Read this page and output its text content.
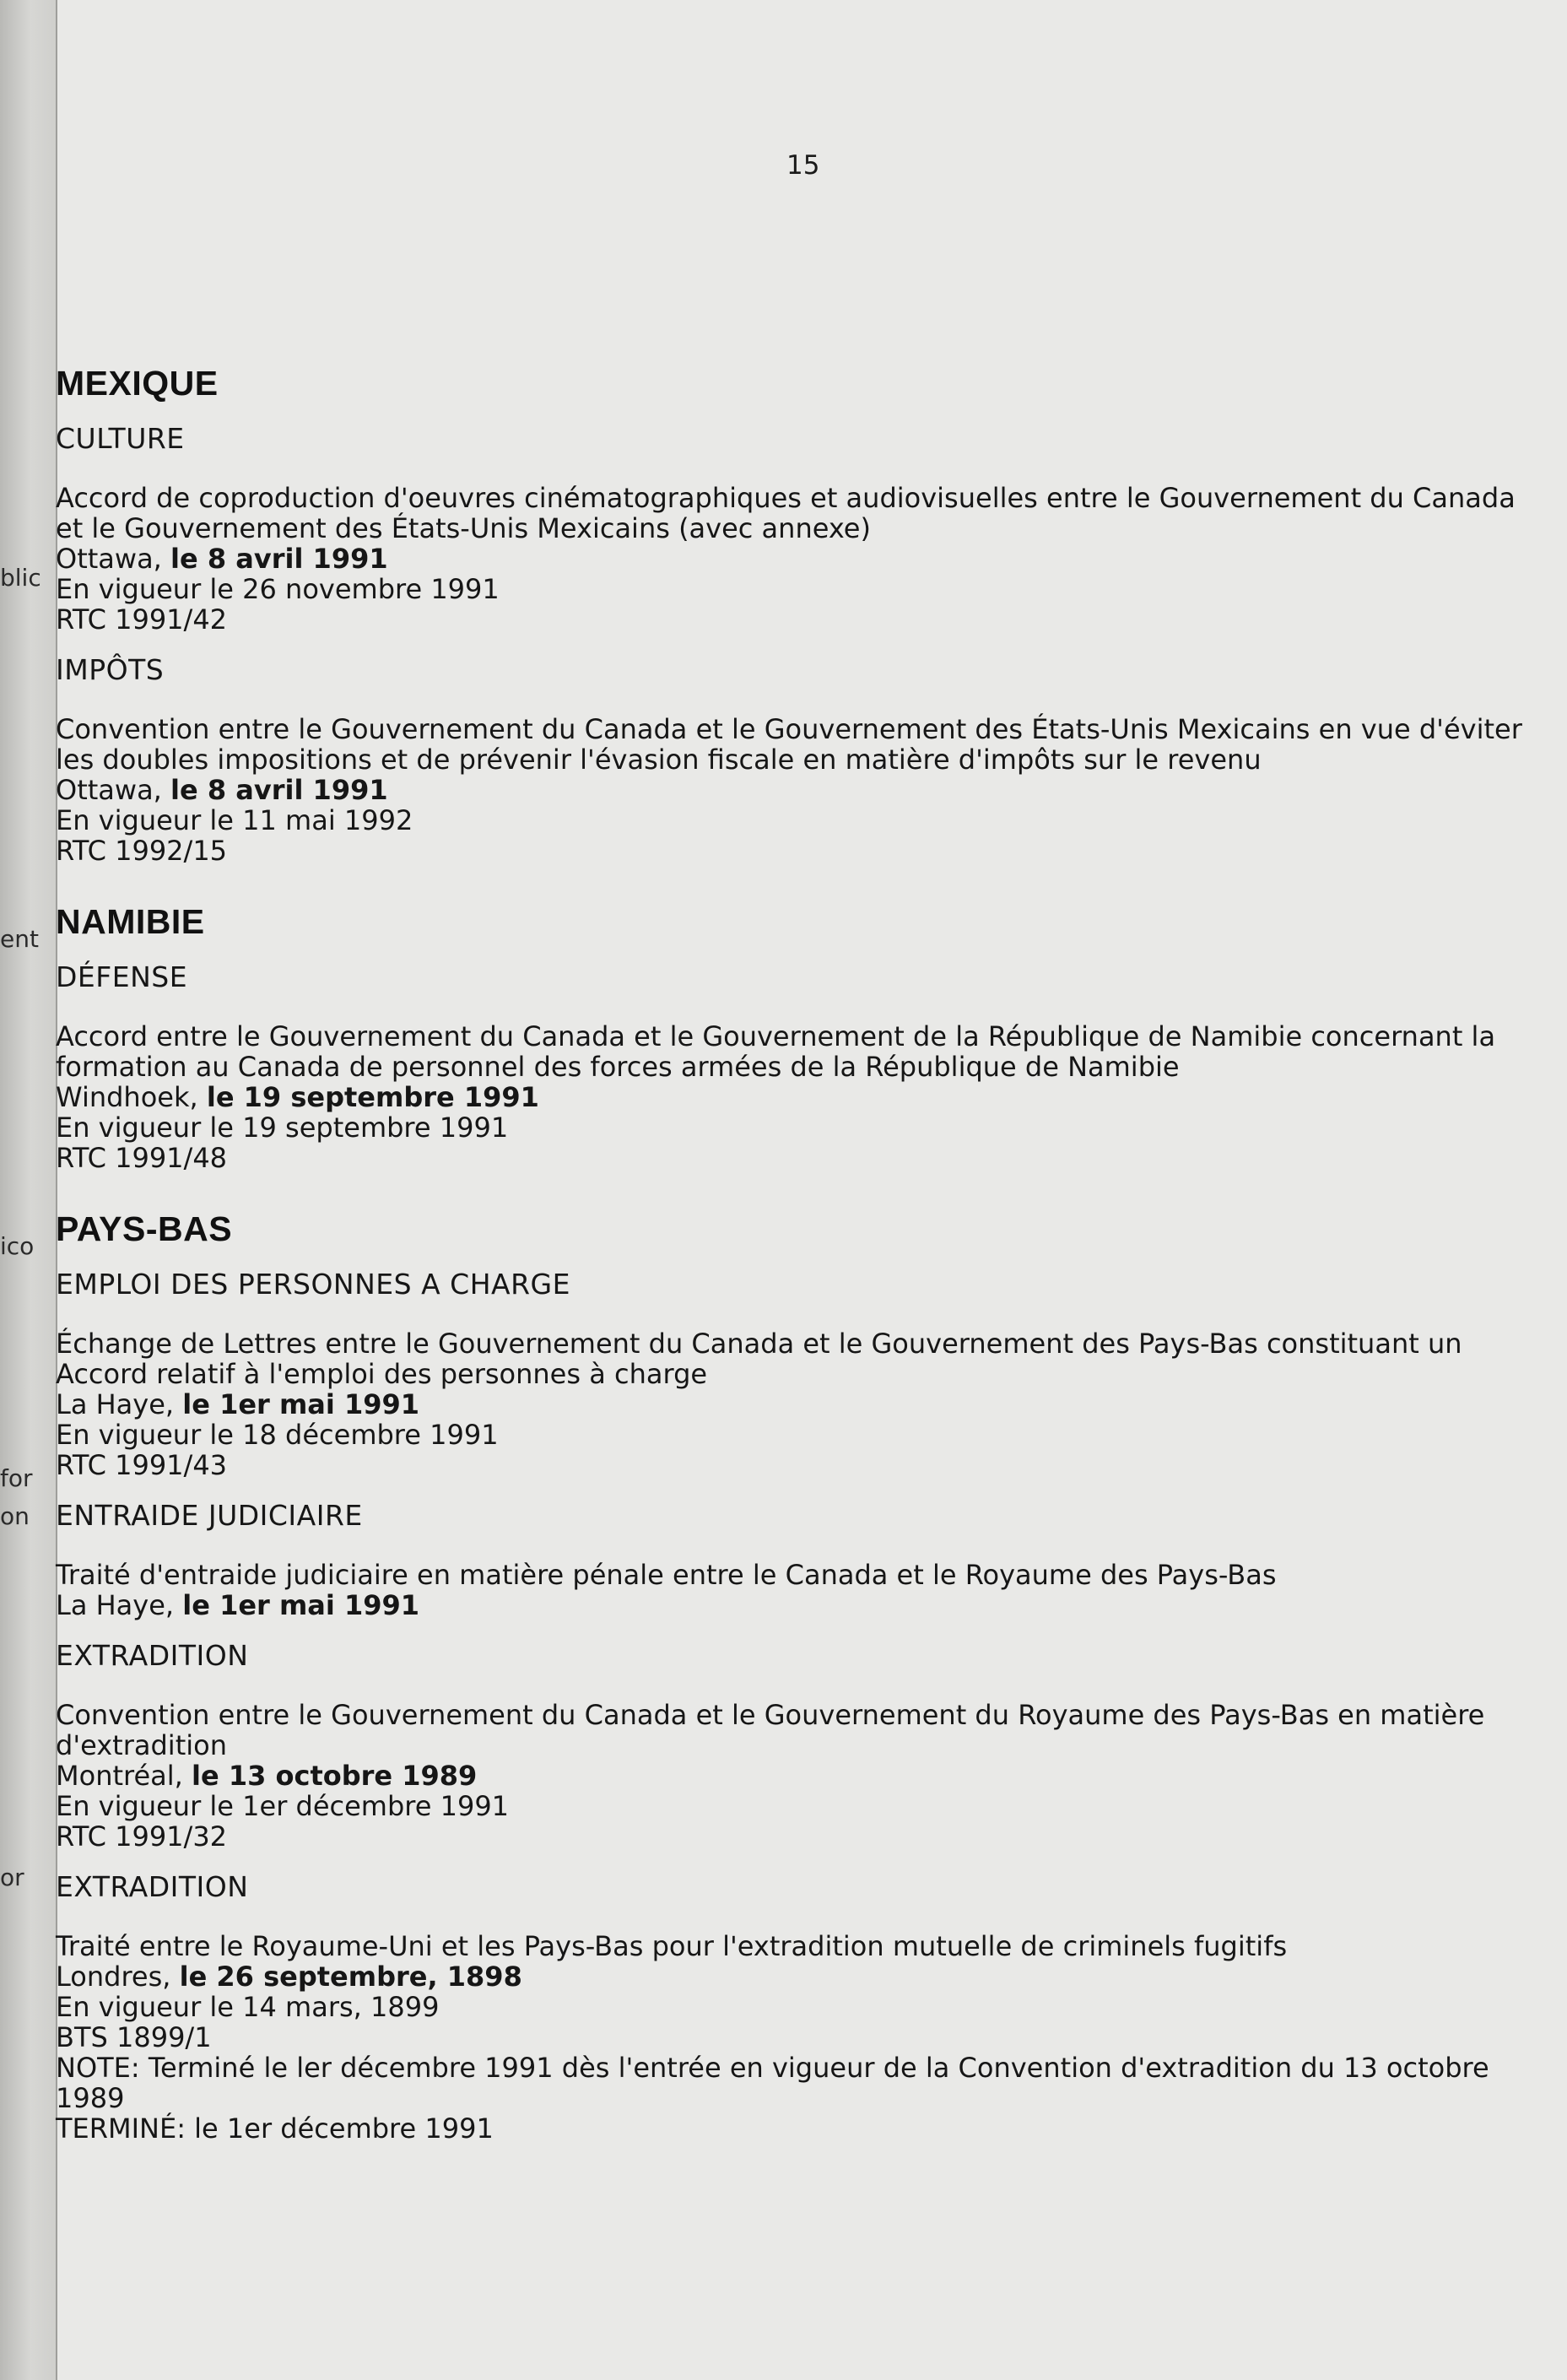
blic
ent
ico
for
on
or
15
MEXIQUE
CULTURE

Accord de coproduction d'oeuvres cinématographiques et audiovisuelles entre le Gouvernement du Canada et le Gouvernement des États-Unis Mexicains (avec annexe)

Ottawa, le 8 avril 1991

En vigueur le 26 novembre 1991

RTC 1991/42

IMPÔTS

Convention entre le Gouvernement du Canada et le Gouvernement des États-Unis Mexicains en vue d'éviter les doubles impositions et de prévenir l'évasion fiscale en matière d'impôts sur le revenu

Ottawa, le 8 avril 1991

En vigueur le 11 mai 1992

RTC 1992/15

NAMIBIE
DÉFENSE

Accord entre le Gouvernement du Canada et le Gouvernement de la République de Namibie concernant la formation au Canada de personnel des forces armées de la République de Namibie

Windhoek, le 19 septembre 1991

En vigueur le 19 septembre 1991

RTC 1991/48

PAYS-BAS
EMPLOI DES PERSONNES A CHARGE

Échange de Lettres entre le Gouvernement du Canada et le Gouvernement des Pays-Bas constituant un Accord relatif à l'emploi des personnes à charge

La Haye, le 1er mai 1991

En vigueur le 18 décembre 1991

RTC 1991/43

ENTRAIDE JUDICIAIRE

Traité d'entraide judiciaire en matière pénale entre le Canada et le Royaume des Pays-Bas

La Haye, le 1er mai 1991

EXTRADITION

Convention entre le Gouvernement du Canada et le Gouvernement du Royaume des Pays-Bas en matière d'extradition

Montréal, le 13 octobre 1989

En vigueur le 1er décembre 1991

RTC 1991/32

EXTRADITION

Traité entre le Royaume-Uni et les Pays-Bas pour l'extradition mutuelle de criminels fugitifs

Londres, le 26 septembre, 1898

En vigueur le 14 mars, 1899

BTS 1899/1

NOTE: Terminé le ler décembre 1991 dès l'entrée en vigueur de la Convention d'extradition du 13 octobre 1989

TERMINÉ: le 1er décembre 1991
